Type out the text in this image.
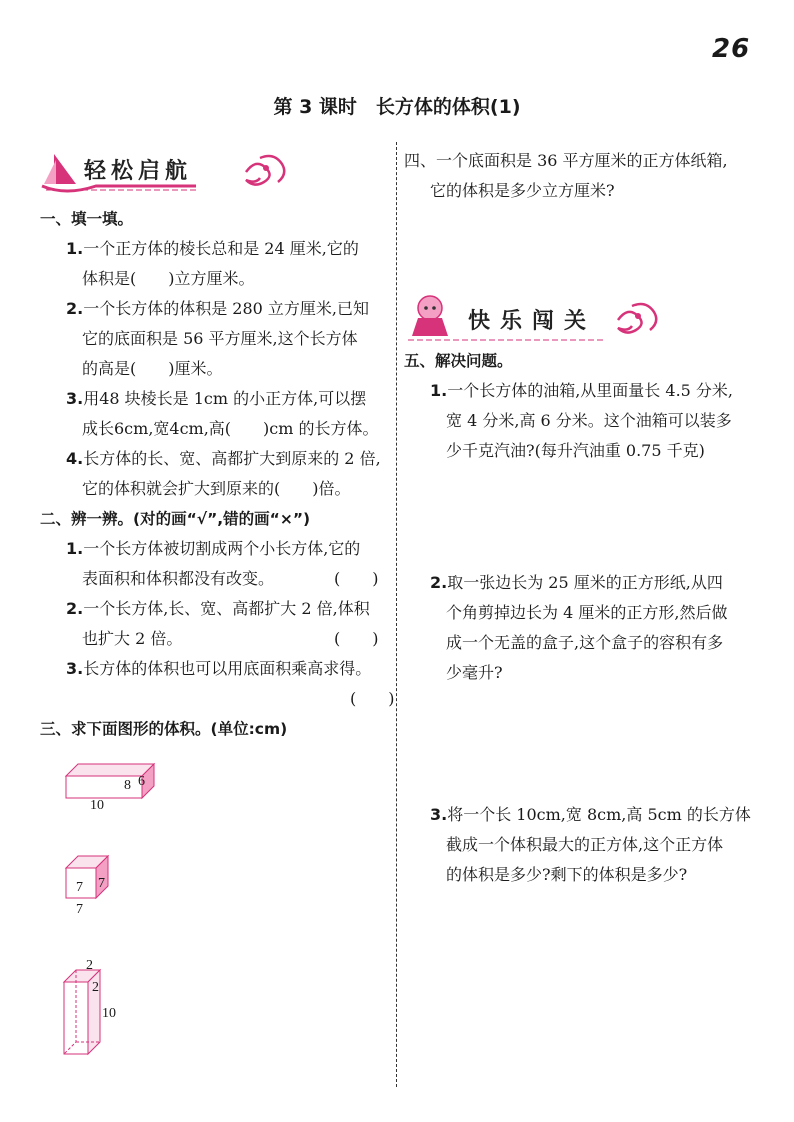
26
第 3 课时　长方体的体积(1)
轻松启航
一、填一填。
1.一个正方体的棱长总和是 24 厘米,它的
体积是(　　)立方厘米。
2.一个长方体的体积是 280 立方厘米,已知
它的底面积是 56 平方厘米,这个长方体
的高是(　　)厘米。
3.用48 块棱长是 1cm 的小正方体,可以摆
成长6cm,宽4cm,高(　　)cm 的长方体。
4.长方体的长、宽、高都扩大到原来的 2 倍,
它的体积就会扩大到原来的(　　)倍。
二、辨一辨。(对的画“√”,错的画“×”)
1.一个长方体被切割成两个小长方体,它的
表面积和体积都没有改变。	(　　)
2.一个长方体,长、宽、高都扩大 2 倍,体积
也扩大 2 倍。	(　　)
3.长方体的体积也可以用底面积乘高求得。
(　　)
三、求下面图形的体积。(单位:cm)
8 6
10
7 7
7
2
2
10
四、一个底面积是 36 平方厘米的正方体纸箱,
它的体积是多少立方厘米?
快乐闯关
五、解决问题。
1.一个长方体的油箱,从里面量长 4.5 分米,
宽 4 分米,高 6 分米。这个油箱可以装多
少千克汽油?(每升汽油重 0.75 千克)
2.取一张边长为 25 厘米的正方形纸,从四
个角剪掉边长为 4 厘米的正方形,然后做
成一个无盖的盒子,这个盒子的容积有多
少毫升?
3.将一个长 10cm,宽 8cm,高 5cm 的长方体
截成一个体积最大的正方体,这个正方体
的体积是多少?剩下的体积是多少?
